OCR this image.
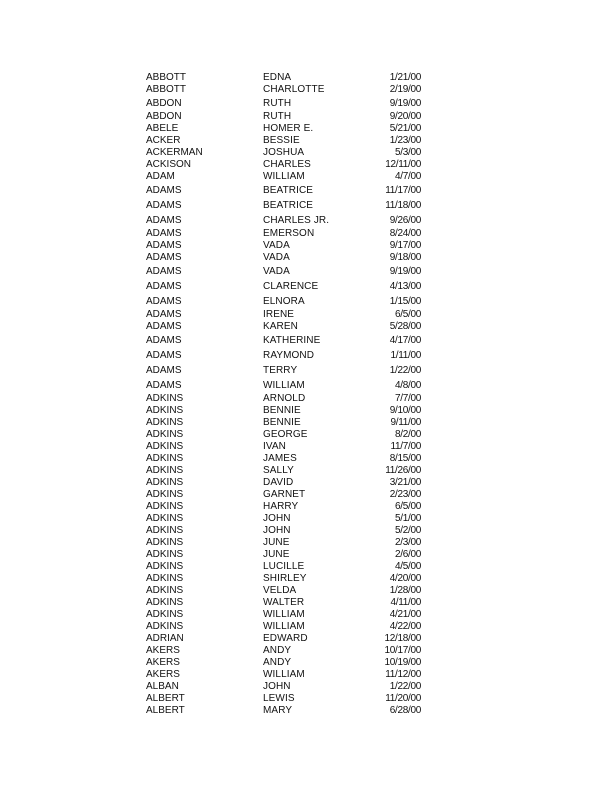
ABBOTT	EDNA	1/21/00
ABBOTT	CHARLOTTE	2/19/00
ABDON	RUTH	9/19/00
ABDON	RUTH	9/20/00
ABELE	HOMER E.	5/21/00
ACKER	BESSIE	1/23/00
ACKERMAN	JOSHUA	5/3/00
ACKISON	CHARLES	12/11/00
ADAM	WILLIAM	4/7/00
ADAMS	BEATRICE	11/17/00
ADAMS	BEATRICE	11/18/00
ADAMS	CHARLES JR.	9/26/00
ADAMS	EMERSON	8/24/00
ADAMS	VADA	9/17/00
ADAMS	VADA	9/18/00
ADAMS	VADA	9/19/00
ADAMS	CLARENCE	4/13/00
ADAMS	ELNORA	1/15/00
ADAMS	IRENE	6/5/00
ADAMS	KAREN	5/28/00
ADAMS	KATHERINE	4/17/00
ADAMS	RAYMOND	1/11/00
ADAMS	TERRY	1/22/00
ADAMS	WILLIAM	4/8/00
ADKINS	ARNOLD	7/7/00
ADKINS	BENNIE	9/10/00
ADKINS	BENNIE	9/11/00
ADKINS	GEORGE	8/2/00
ADKINS	IVAN	11/7/00
ADKINS	JAMES	8/15/00
ADKINS	SALLY	11/26/00
ADKINS	DAVID	3/21/00
ADKINS	GARNET	2/23/00
ADKINS	HARRY	6/5/00
ADKINS	JOHN	5/1/00
ADKINS	JOHN	5/2/00
ADKINS	JUNE	2/3/00
ADKINS	JUNE	2/6/00
ADKINS	LUCILLE	4/5/00
ADKINS	SHIRLEY	4/20/00
ADKINS	VELDA	1/28/00
ADKINS	WALTER	4/11/00
ADKINS	WILLIAM	4/21/00
ADKINS	WILLIAM	4/22/00
ADRIAN	EDWARD	12/18/00
AKERS	ANDY	10/17/00
AKERS	ANDY	10/19/00
AKERS	WILLIAM	11/12/00
ALBAN	JOHN	1/22/00
ALBERT	LEWIS	11/20/00
ALBERT	MARY	6/28/00
